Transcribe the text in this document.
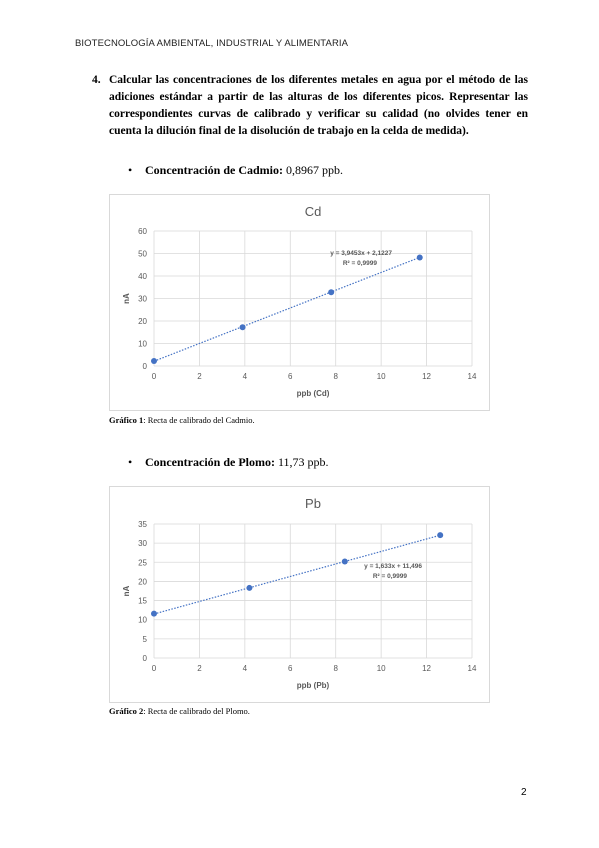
BIOTECNOLOGÍA AMBIENTAL, INDUSTRIAL Y ALIMENTARIA
4. Calcular las concentraciones de los diferentes metales en agua por el método de las adiciones estándar a partir de las alturas de los diferentes picos. Representar las correspondientes curvas de calibrado y verificar su calidad (no olvides tener en cuenta la dilución final de la disolución de trabajo en la celda de medida).
• Concentración de Cadmio: 0,8967 ppb.
Cd
0
10
20
30
40
50
60
0	2	4	6	8	10	12	14
ppb (Cd)
nA
y = 3,9453x + 2,1227
R² = 0,9999
Gráfico 1: Recta de calibrado del Cadmio.
• Concentración de Plomo: 11,73 ppb.
Pb
0
5
10
15
20
25
30
35
0	2	4	6	8	10	12	14
ppb (Pb)
nA
y = 1,633x + 11,496
R² = 0,9999
Gráfico 2: Recta de calibrado del Plomo.
2
